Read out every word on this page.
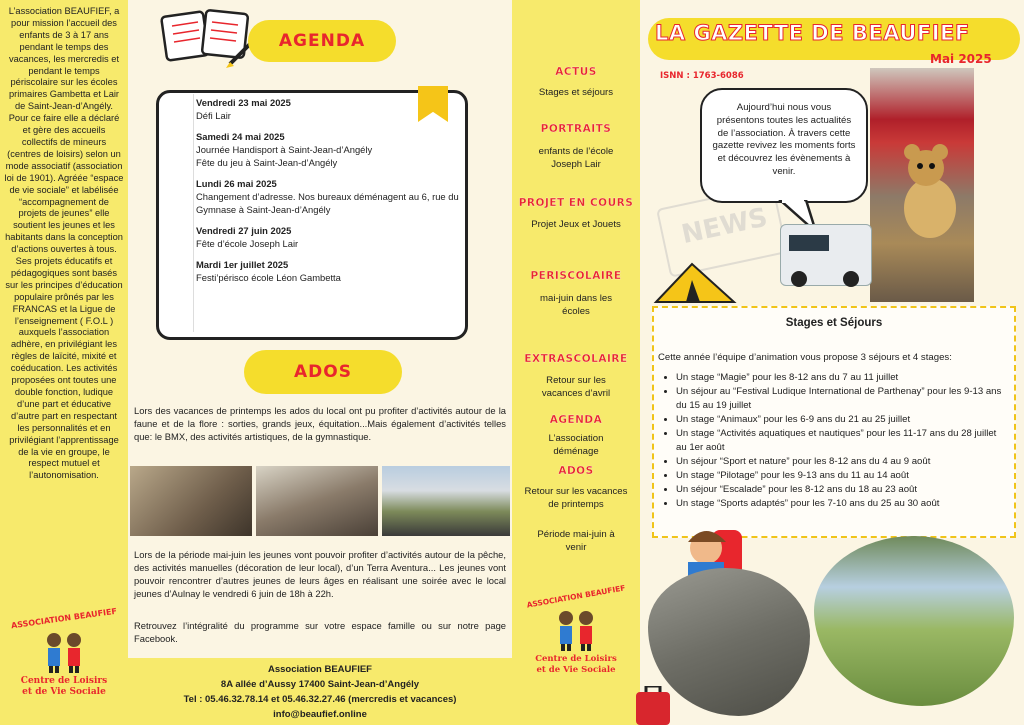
L’association BEAUFIEF, a pour mission l’accueil des enfants de 3 à 17 ans pendant le temps des vacances, les mercredis et pendant le temps périscolaire sur les écoles primaires Gambetta et Lair de Saint-Jean-d’Angély. Pour ce faire elle a déclaré et gère des accueils collectifs de mineurs (centres de loisirs) selon un mode associatif (association loi de 1901). Agréée “espace de vie sociale” et labélisée “accompagnement de projets de jeunes” elle soutient les jeunes et les habitants dans la conception d’actions ouvertes à tous. Ses projets éducatifs et pédagogiques sont basés sur les principes d’éducation populaire prônés par les FRANCAS et la Ligue de l’enseignement ( F.O.L ) auxquels l’association adhère, en privilégiant les règles de laïcité, mixité et coéducation. Les activités proposées ont toutes une double fonction, ludique d’une part et éducative d’autre part en respectant les personnalités et en privilégiant l’apprentissage de la vie en groupe, le respect mutuel et l’autonomisation.

AGENDA
Vendredi 23 mai 2025
Défi Lair
Samedi 24 mai 2025
Journée Handisport à Saint-Jean-d’Angély
Fête du jeu à Saint-Jean-d’Angély
Lundi 26 mai 2025
Changement d’adresse. Nos bureaux déménagent au 6, rue du Gymnase à Saint-Jean-d’Angély
Vendredi 27 juin 2025
Fête d’école Joseph Lair
Mardi 1er juillet 2025
Festi’périsco école Léon Gambetta
ADOS

Lors des vacances de printemps les ados du local ont pu profiter d’activités autour de la faune et de la flore : sorties, grands jeux, équitation...Mais également d’activités telles que: le BMX, des activités artistiques, de la gymnastique.

Lors de la période mai-juin les jeunes vont pouvoir profiter d’activités autour de la pêche, des activités manuelles (décoration de leur local), d’un Terra Aventura... Les jeunes vont pouvoir rencontrer d’autres jeunes de leurs âges en réalisant une soirée avec le local jeunes d’Aulnay le vendredi 6 juin de 18h à 22h.

Retrouvez l’intégralité du programme sur votre espace famille ou sur notre page Facebook.

Association BEAUFIEF
8A allée d’Aussy 17400 Saint-Jean-d’Angély
Tel : 05.46.32.78.14 et 05.46.32.27.46 (mercredis et vacances)
info@beaufief.online
ASSOCIATION BEAUFIEF
Centre de Loisirs
et de Vie Sociale
ACTUS
Stages et séjours
PORTRAITS
enfants de l’école Joseph Lair
PROJET EN COURS
Projet Jeux et Jouets
PERISCOLAIRE
mai-juin dans les écoles
EXTRASCOLAIRE
Retour sur les vacances d’avril
AGENDA
L’association déménage
ADOS
Retour sur les vacances de printemps
Période mai-juin à venir
ASSOCIATION BEAUFIEF
Centre de Loisirs
et de Vie Sociale
LA GAZETTE DE BEAUFIEF
Mai 2025
ISNN : 1763-6086
NEWS
Aujourd’hui nous vous présentons toutes les actualités de l’association. À travers cette gazette revivez les moments forts et découvrez les évènements à venir.
Stages et Séjours

Cette année l’équipe d’animation vous propose 3 séjours et 4 stages:

• Un stage “Magie” pour les 8-12 ans du 7 au 11 juillet
• Un séjour au “Festival Ludique International de Parthenay” pour les 9-13 ans du 15 au 19 juillet
• Un stage “Animaux” pour les 6-9 ans du 21 au 25 juillet
• Un stage “Activités aquatiques et nautiques” pour les 11-17 ans du 28 juillet au 1er août
• Un séjour “Sport et nature” pour les 8-12 ans du 4 au 9 août
• Un stage “Pilotage” pour les 9-13 ans du 11 au 14 août
• Un séjour “Escalade” pour les 8-12 ans du 18 au 23 août
• Un stage “Sports adaptés” pour les 7-10 ans du 25 au 30 août
